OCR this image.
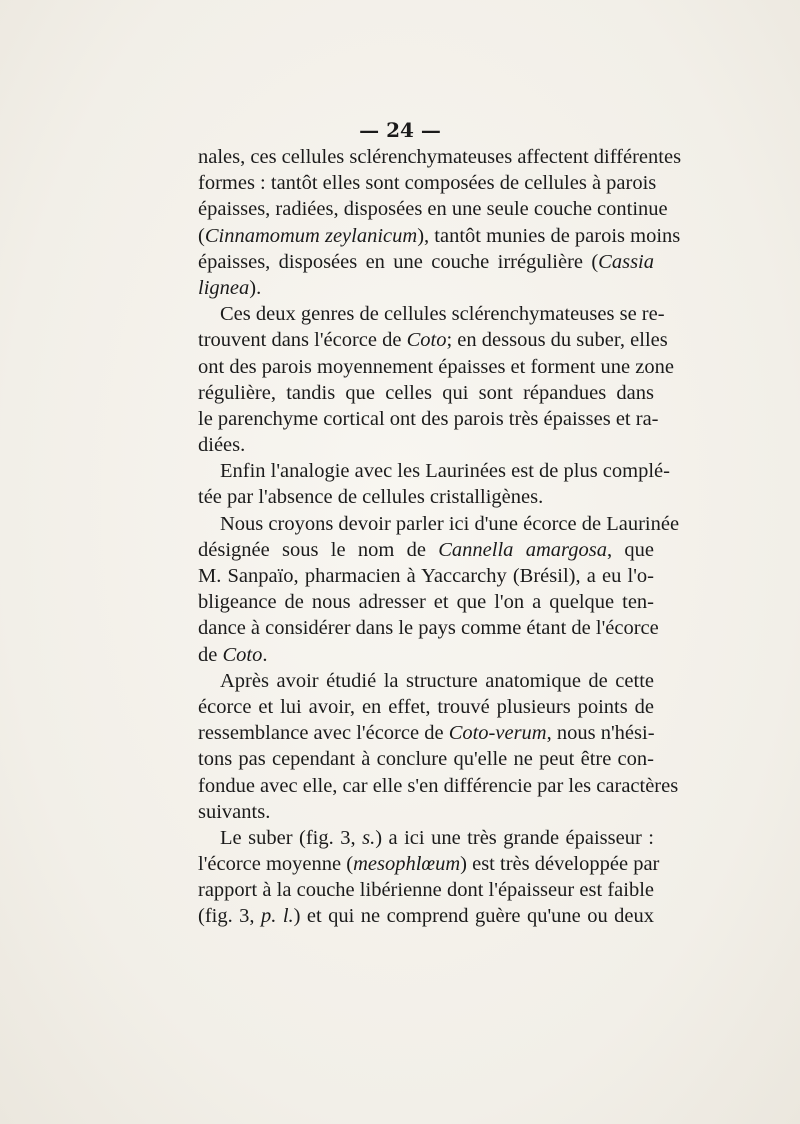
— 24 —
nales, ces cellules sclérenchymateuses affectent différentes
formes : tantôt elles sont composées de cellules à parois
épaisses, radiées, disposées en une seule couche continue
(Cinnamomum zeylanicum), tantôt munies de parois moins
épaisses, disposées en une couche irrégulière (Cassia
lignea).
Ces deux genres de cellules sclérenchymateuses se re-
trouvent dans l'écorce de Coto; en dessous du suber, elles
ont des parois moyennement épaisses et forment une zone
régulière, tandis que celles qui sont répandues dans
le parenchyme cortical ont des parois très épaisses et ra-
diées.
Enfin l'analogie avec les Laurinées est de plus complé-
tée par l'absence de cellules cristalligènes.
Nous croyons devoir parler ici d'une écorce de Laurinée
désignée sous le nom de Cannella amargosa, que
M. Sanpaïo, pharmacien à Yaccarchy (Brésil), a eu l'o-
bligeance de nous adresser et que l'on a quelque ten-
dance à considérer dans le pays comme étant de l'écorce
de Coto.
Après avoir étudié la structure anatomique de cette
écorce et lui avoir, en effet, trouvé plusieurs points de
ressemblance avec l'écorce de Coto-verum, nous n'hési-
tons pas cependant à conclure qu'elle ne peut être con-
fondue avec elle, car elle s'en différencie par les caractères
suivants.
Le suber (fig. 3, s.) a ici une très grande épaisseur :
l'écorce moyenne (mesophlœum) est très développée par
rapport à la couche libérienne dont l'épaisseur est faible
(fig. 3, p. l.) et qui ne comprend guère qu'une ou deux
